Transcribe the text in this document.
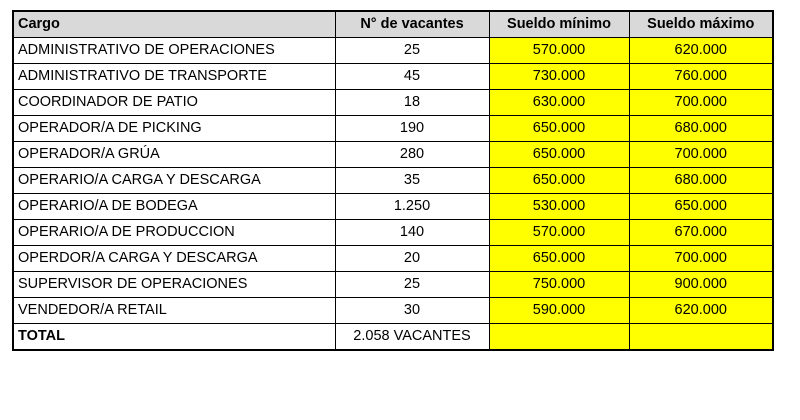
Cargo	N° de vacantes	Sueldo mínimo	Sueldo máximo
ADMINISTRATIVO DE OPERACIONES	25	570.000	620.000
ADMINISTRATIVO DE TRANSPORTE	45	730.000	760.000
COORDINADOR DE PATIO	18	630.000	700.000
OPERADOR/A DE PICKING	190	650.000	680.000
OPERADOR/A GRÚA	280	650.000	700.000
OPERARIO/A CARGA Y DESCARGA	35	650.000	680.000
OPERARIO/A DE BODEGA	1.250	530.000	650.000
OPERARIO/A DE PRODUCCION	140	570.000	670.000
OPERDOR/A CARGA Y DESCARGA	20	650.000	700.000
SUPERVISOR DE OPERACIONES	25	750.000	900.000
VENDEDOR/A RETAIL	30	590.000	620.000
TOTAL	2.058 VACANTES		
